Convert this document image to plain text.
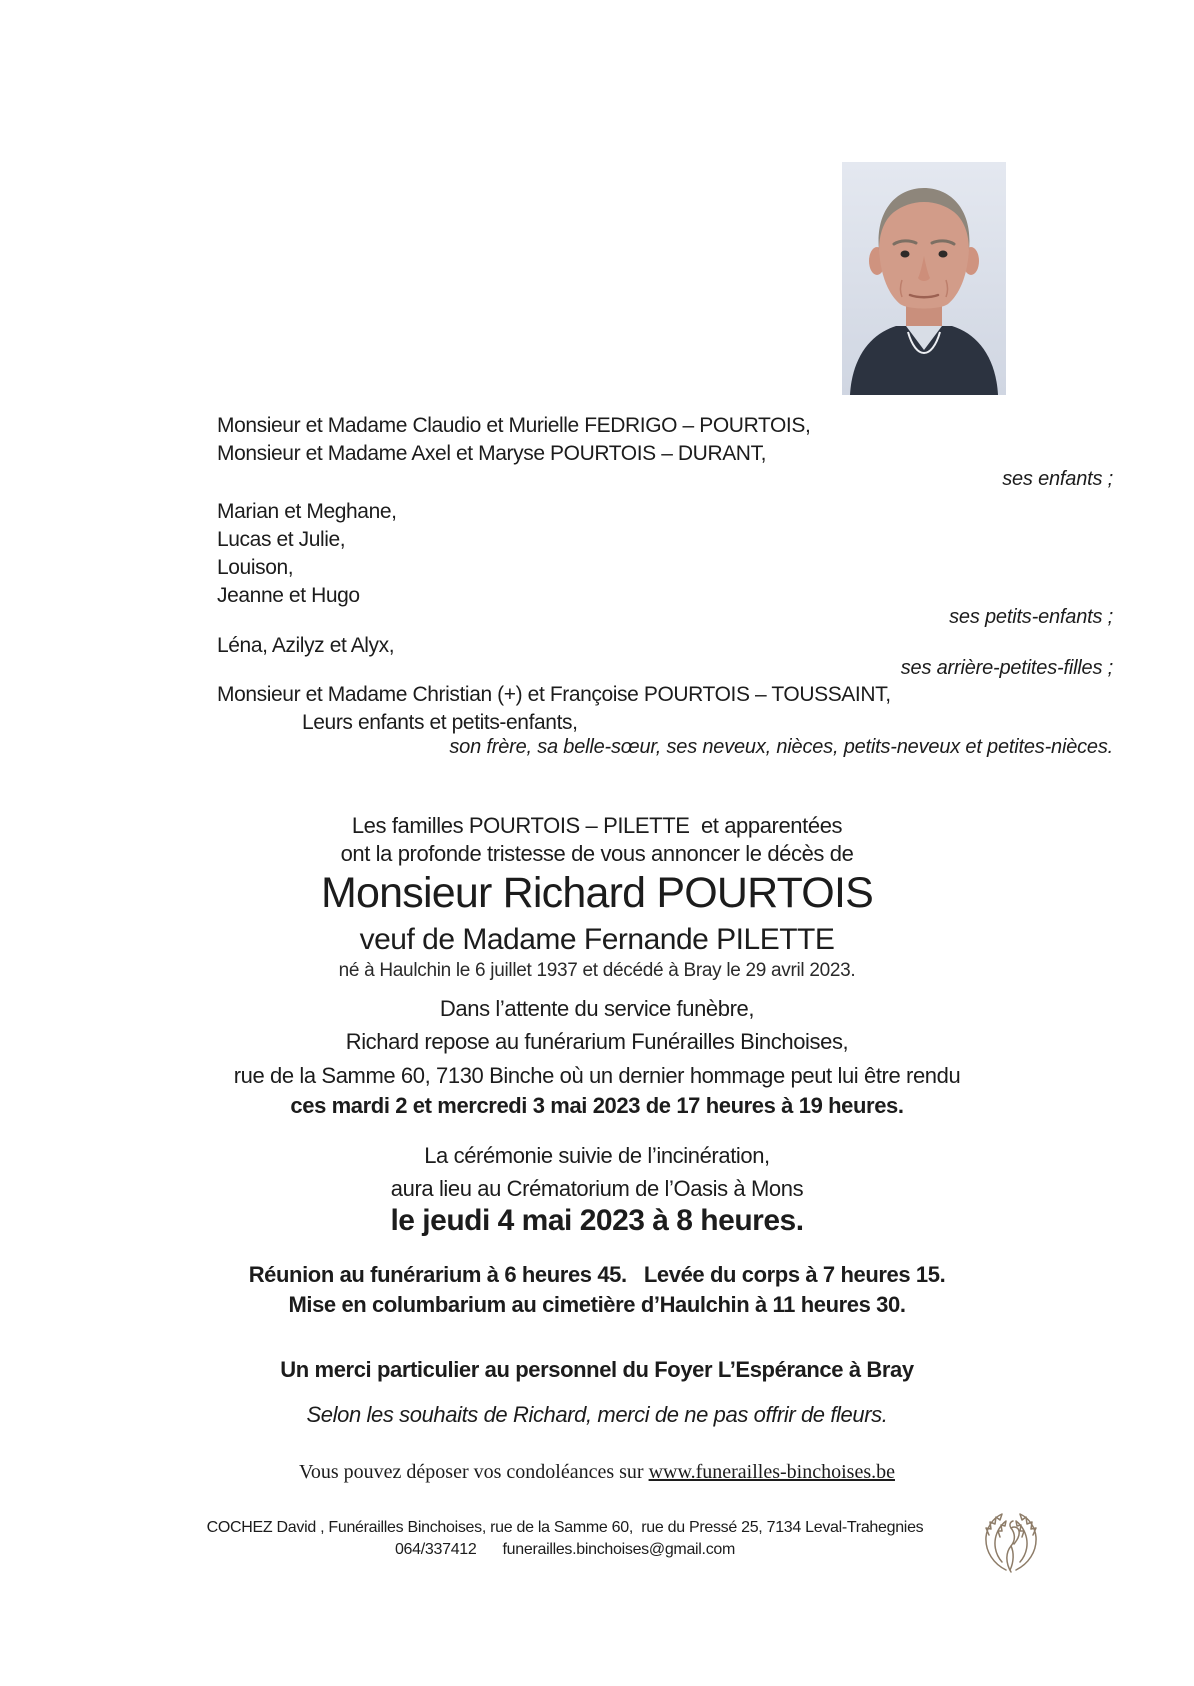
Monsieur et Madame Claudio et Murielle FEDRIGO – POURTOIS,
Monsieur et Madame Axel et Maryse POURTOIS – DURANT,
ses enfants ;
Marian et Meghane,
Lucas et Julie,
Louison,
Jeanne et Hugo
ses petits-enfants ;
Léna, Azilyz et Alyx,
ses arrière-petites-filles ;
Monsieur et Madame Christian (+) et Françoise POURTOIS – TOUSSAINT,
Leurs enfants et petits-enfants,
son frère, sa belle-sœur, ses neveux, nièces, petits-neveux et petites-nièces.
Les familles POURTOIS – PILETTE  et apparentées
ont la profonde tristesse de vous annoncer le décès de
Monsieur Richard POURTOIS
veuf de Madame Fernande PILETTE
né à Haulchin le 6 juillet 1937 et décédé à Bray le 29 avril 2023.
Dans l’attente du service funèbre,
Richard repose au funérarium Funérailles Binchoises,
rue de la Samme 60, 7130 Binche où un dernier hommage peut lui être rendu
ces mardi 2 et mercredi 3 mai 2023 de 17 heures à 19 heures.
La cérémonie suivie de l’incinération,
aura lieu au Crématorium de l’Oasis à Mons
le jeudi 4 mai 2023 à 8 heures.
Réunion au funérarium à 6 heures 45.   Levée du corps à 7 heures 15.
Mise en columbarium au cimetière d’Haulchin à 11 heures 30.
Un merci particulier au personnel du Foyer L’Espérance à Bray
Selon les souhaits de Richard, merci de ne pas offrir de fleurs.
Vous pouvez déposer vos condoléances sur www.funerailles-binchoises.be
COCHEZ David , Funérailles Binchoises, rue de la Samme 60,  rue du Pressé 25, 7134 Leval-Trahegnies
064/337412 funerailles.binchoises@gmail.com
